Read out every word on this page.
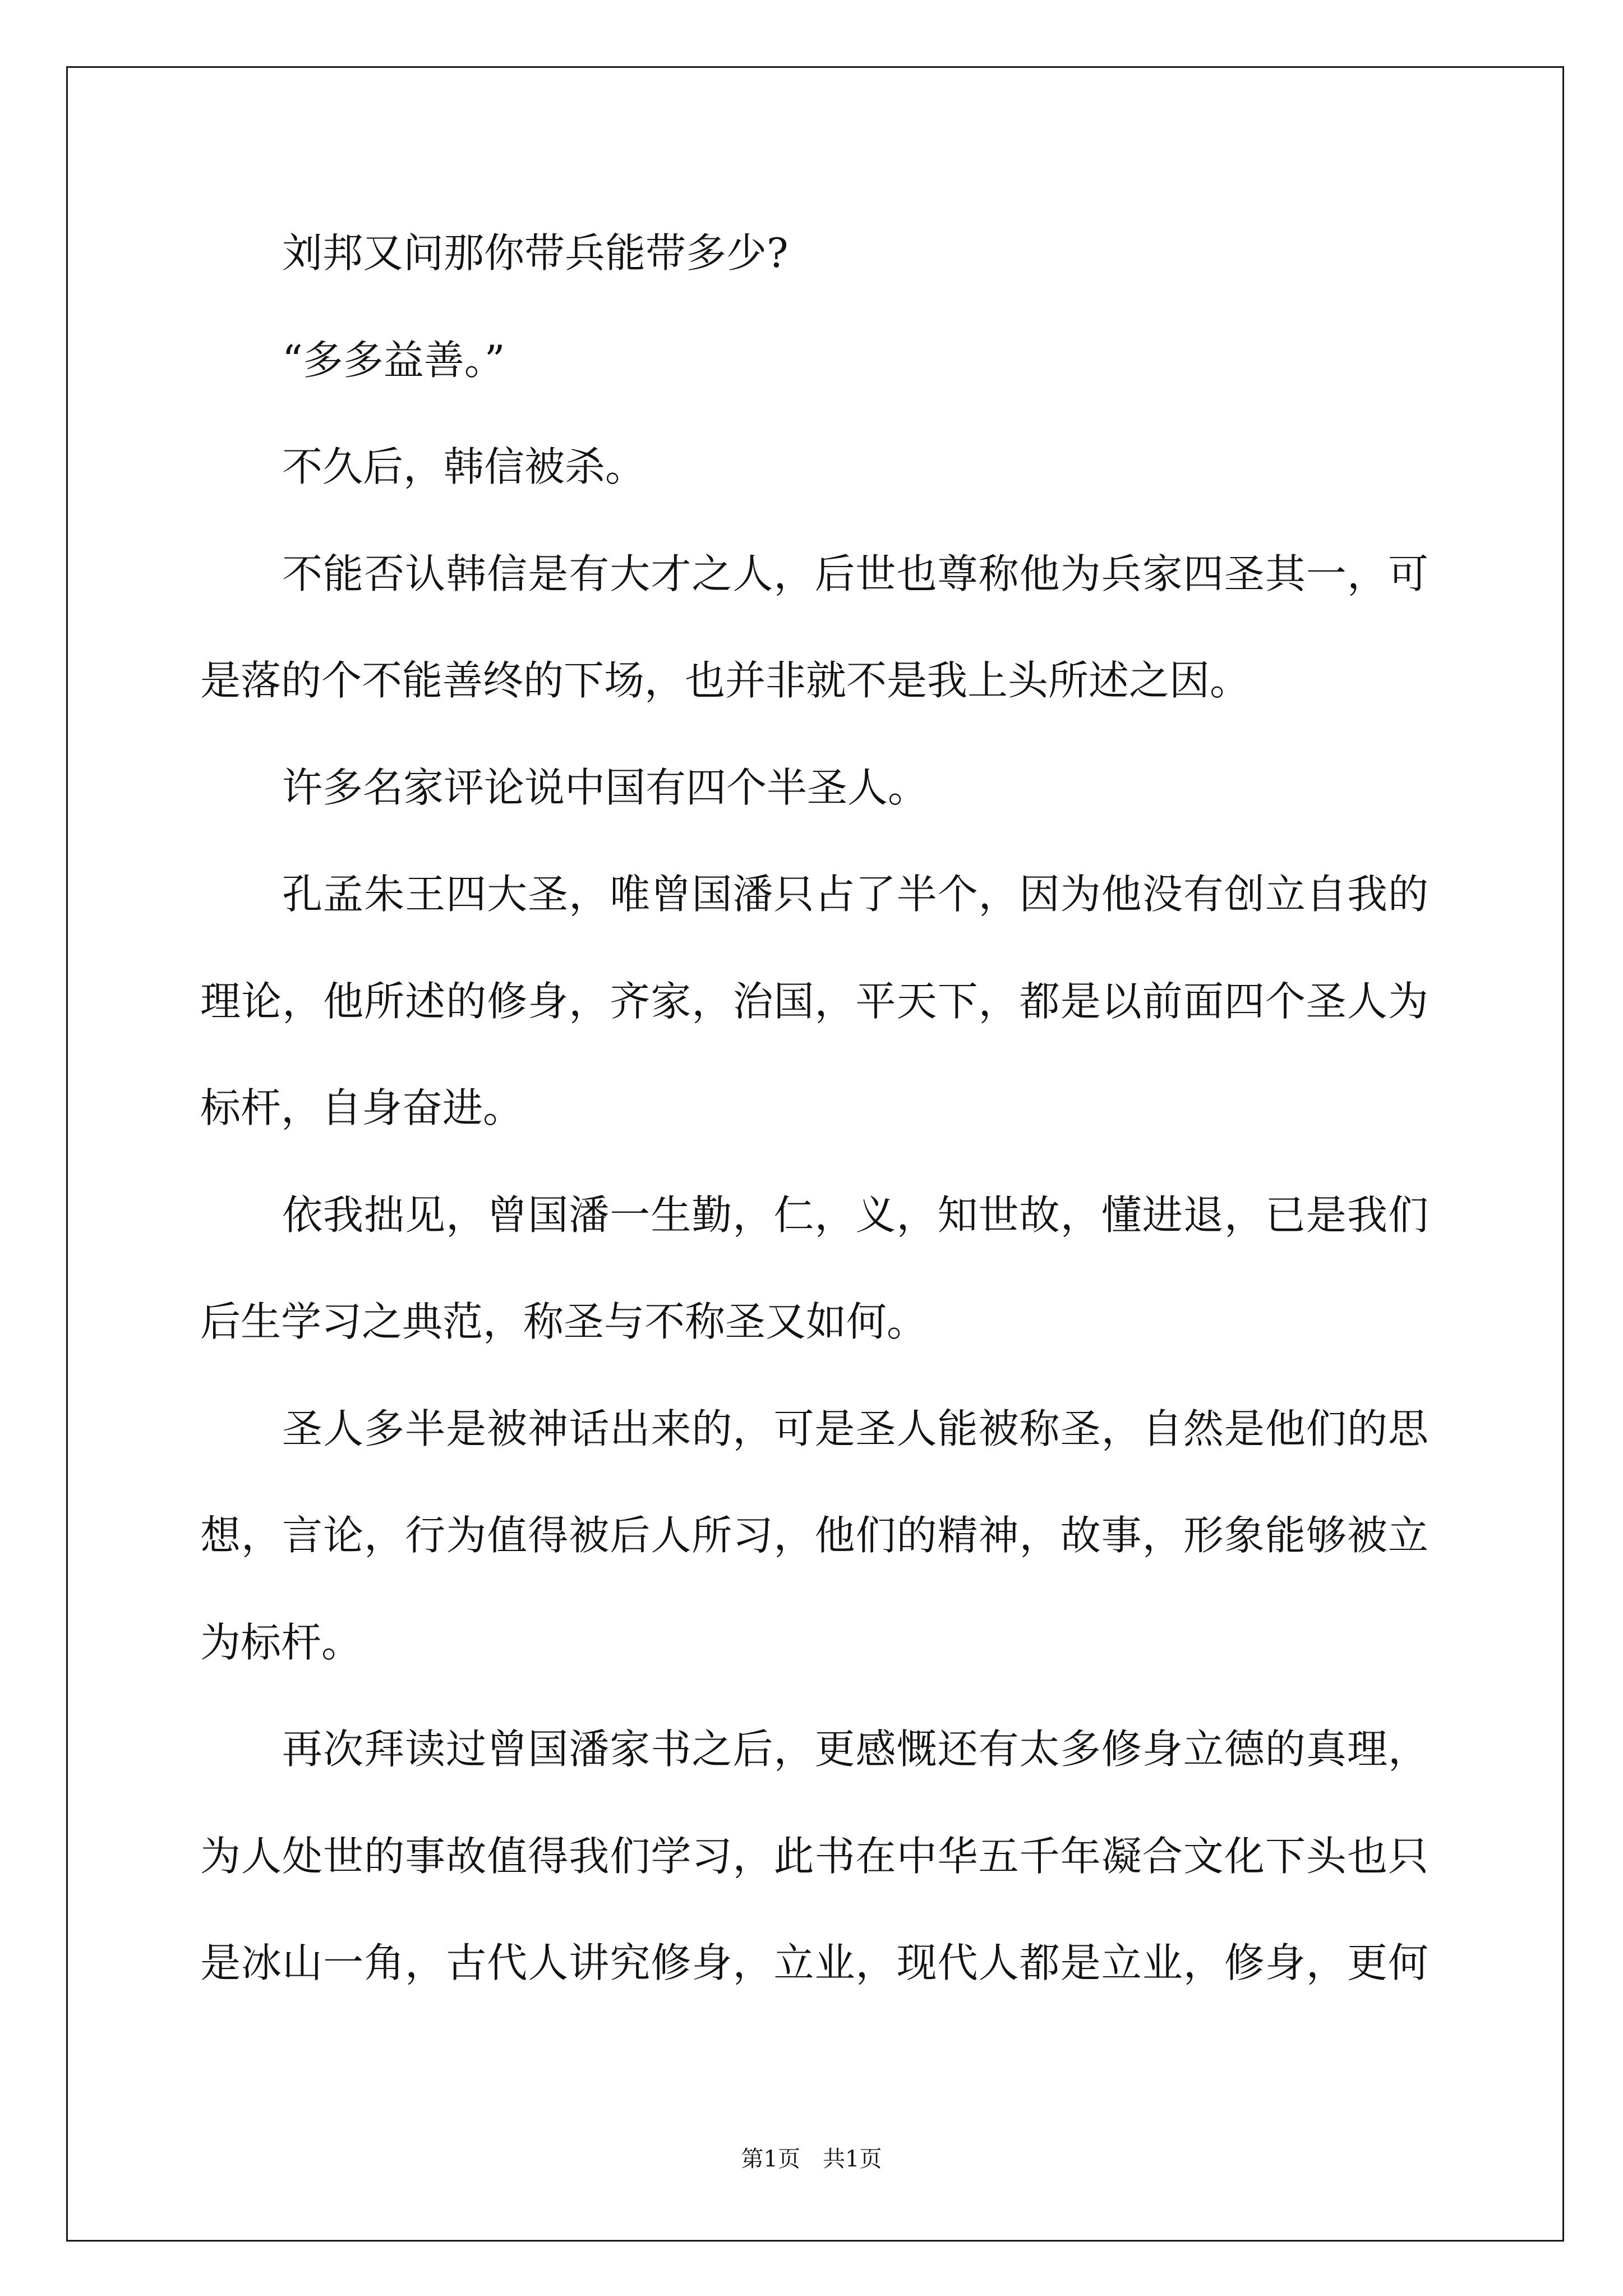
刘邦又问那你带兵能带多少?
“多多益善。”
不久后，韩信被杀。
不能否认韩信是有大才之人，后世也尊称他为兵家四圣其一，可
是落的个不能善终的下场，也并非就不是我上头所述之因。
许多名家评论说中国有四个半圣人。
孔孟朱王四大圣，唯曾国潘只占了半个，因为他没有创立自我的
理论，他所述的修身，齐家，治国，平天下，都是以前面四个圣人为
标杆，自身奋进。
依我拙见，曾国潘一生勤，仁，义，知世故，懂进退，已是我们
后生学习之典范，称圣与不称圣又如何。
圣人多半是被神话出来的，可是圣人能被称圣，自然是他们的思
想，言论，行为值得被后人所习，他们的精神，故事，形象能够被立
为标杆。
再次拜读过曾国潘家书之后，更感慨还有太多修身立德的真理，
为人处世的事故值得我们学习，此书在中华五千年凝合文化下头也只
是冰山一角，古代人讲究修身，立业，现代人都是立业，修身，更何
第1页 共1页
